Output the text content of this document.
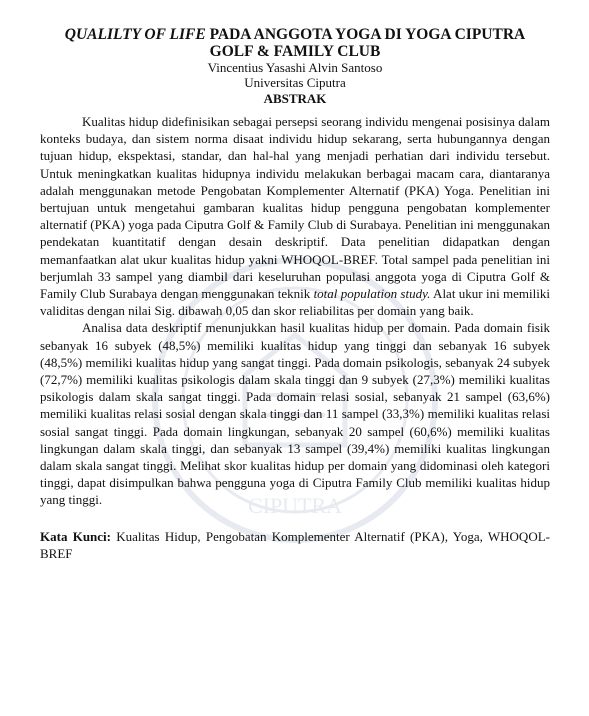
CIPUTRA

QUALILTY OF LIFE PADA ANGGOTA YOGA DI YOGA CIPUTRA
GOLF & FAMILY CLUB

Vincentius Yasashi Alvin Santoso

Universitas Ciputra

ABSTRAK

Kualitas hidup didefinisikan sebagai persepsi seorang individu mengenai posisinya dalam konteks budaya, dan sistem norma disaat individu hidup sekarang, serta hubungannya dengan tujuan hidup, ekspektasi, standar, dan hal-hal yang menjadi perhatian dari individu tersebut. Untuk meningkatkan kualitas hidupnya individu melakukan berbagai macam cara, diantaranya adalah menggunakan metode Pengobatan Komplementer Alternatif (PKA) Yoga. Penelitian ini bertujuan untuk mengetahui gambaran kualitas hidup pengguna pengobatan komplementer alternatif (PKA) yoga pada Ciputra Golf & Family Club di Surabaya. Penelitian ini menggunakan pendekatan kuantitatif dengan desain deskriptif. Data penelitian didapatkan dengan memanfaatkan alat ukur kualitas hidup yakni WHOQOL-BREF. Total sampel pada penelitian ini berjumlah 33 sampel yang diambil dari keseluruhan populasi anggota yoga di Ciputra Golf & Family Club Surabaya dengan menggunakan teknik total population study. Alat ukur ini memiliki validitas dengan nilai Sig. dibawah 0,05 dan skor reliabilitas per domain yang baik.

Analisa data deskriptif menunjukkan hasil kualitas hidup per domain. Pada domain fisik sebanyak 16 subyek (48,5%) memiliki kualitas hidup yang tinggi dan sebanyak 16 subyek (48,5%) memiliki kualitas hidup yang sangat tinggi. Pada domain psikologis, sebanyak 24 subyek (72,7%) memiliki kualitas psikologis dalam skala tinggi dan 9 subyek (27,3%) memiliki kualitas psikologis dalam skala sangat tinggi. Pada domain relasi sosial, sebanyak 21 sampel (63,6%) memiliki kualitas relasi sosial dengan skala tinggi dan 11 sampel (33,3%) memiliki kualitas relasi sosial sangat tinggi. Pada domain lingkungan, sebanyak 20 sampel (60,6%) memiliki kualitas lingkungan dalam skala tinggi, dan sebanyak 13 sampel (39,4%) memiliki kualitas lingkungan dalam skala sangat tinggi. Melihat skor kualitas hidup per domain yang didominasi oleh kategori tinggi, dapat disimpulkan bahwa pengguna yoga di Ciputra Family Club memiliki kualitas hidup yang tinggi.

Kata Kunci: Kualitas Hidup, Pengobatan Komplementer Alternatif (PKA), Yoga, WHOQOL-BREF
